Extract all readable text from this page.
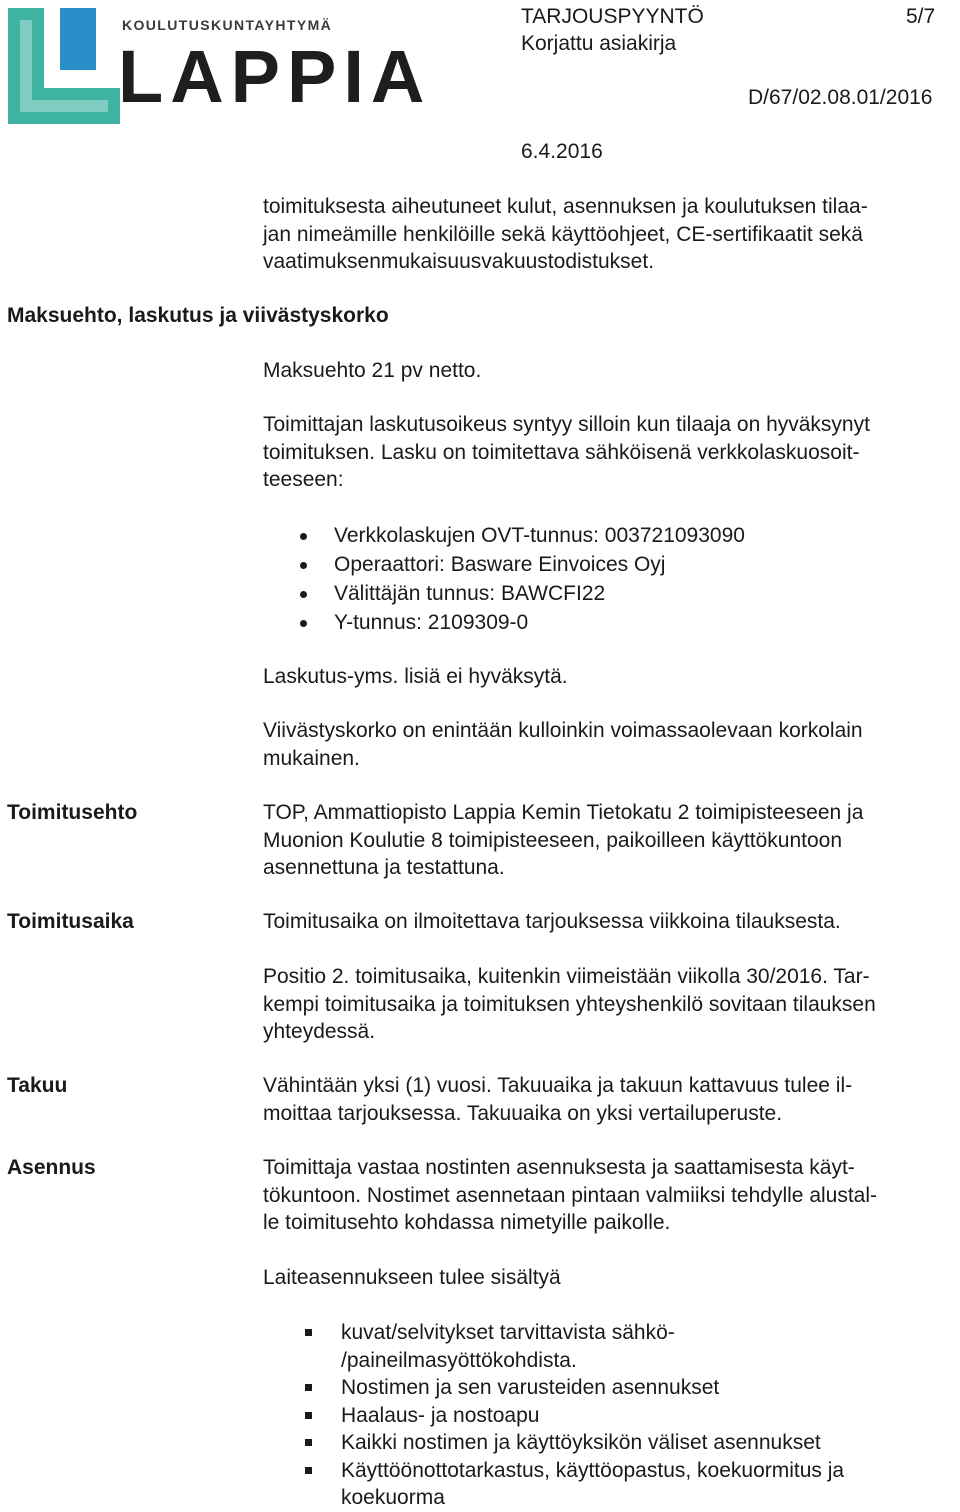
KOULUTUSKUNTAYHTYMÄ
LAPPIA
TARJOUSPYYNTÖ	5/7
Korjattu asiakirja
D/67/02.08.01/2016
6.4.2016
toimituksesta aiheutuneet kulut, asennuksen ja koulutuksen tilaa-
jan nimeämille henkilöille sekä käyttöohjeet, CE-sertifikaatit sekä
vaatimuksenmukaisuusvakuustodistukset.
Maksuehto, laskutus ja viivästyskorko
Maksuehto 21 pv netto.
Toimittajan laskutusoikeus syntyy silloin kun tilaaja on hyväksynyt
toimituksen. Lasku on toimitettava sähköisenä verkkolaskuosoit-
teeseen:
Verkkolaskujen OVT-tunnus: 003721093090
Operaattori: Basware Einvoices Oyj
Välittäjän tunnus: BAWCFI22
Y-tunnus: 2109309-0
Laskutus-yms. lisiä ei hyväksytä.
Viivästyskorko on enintään kulloinkin voimassaolevaan korkolain
mukainen.
Toimitusehto	TOP, Ammattiopisto Lappia Kemin Tietokatu 2 toimipisteeseen ja
Muonion Koulutie 8 toimipisteeseen, paikoilleen käyttökuntoon
asennettuna ja testattuna.
Toimitusaika	Toimitusaika on ilmoitettava tarjouksessa viikkoina tilauksesta.
Positio 2. toimitusaika, kuitenkin viimeistään viikolla 30/2016. Tar-
kempi toimitusaika ja toimituksen yhteyshenkilö sovitaan tilauksen
yhteydessä.
Takuu	Vähintään yksi (1) vuosi. Takuuaika ja takuun kattavuus tulee il-
moittaa tarjouksessa. Takuuaika on yksi vertailuperuste.
Asennus	Toimittaja vastaa nostinten asennuksesta ja saattamisesta käyt-
tökuntoon. Nostimet asennetaan pintaan valmiiksi tehdylle alustal-
le toimitusehto kohdassa nimetyille paikolle.
Laiteasennukseen tulee sisältyä
kuvat/selvitykset tarvittavista sähkö-
/paineilmasyöttökohdista.
Nostimen ja sen varusteiden asennukset
Haalaus- ja nostoapu
Kaikki nostimen ja käyttöyksikön väliset asennukset
Käyttöönottotarkastus, käyttöopastus, koekuormitus ja
koekuorma
